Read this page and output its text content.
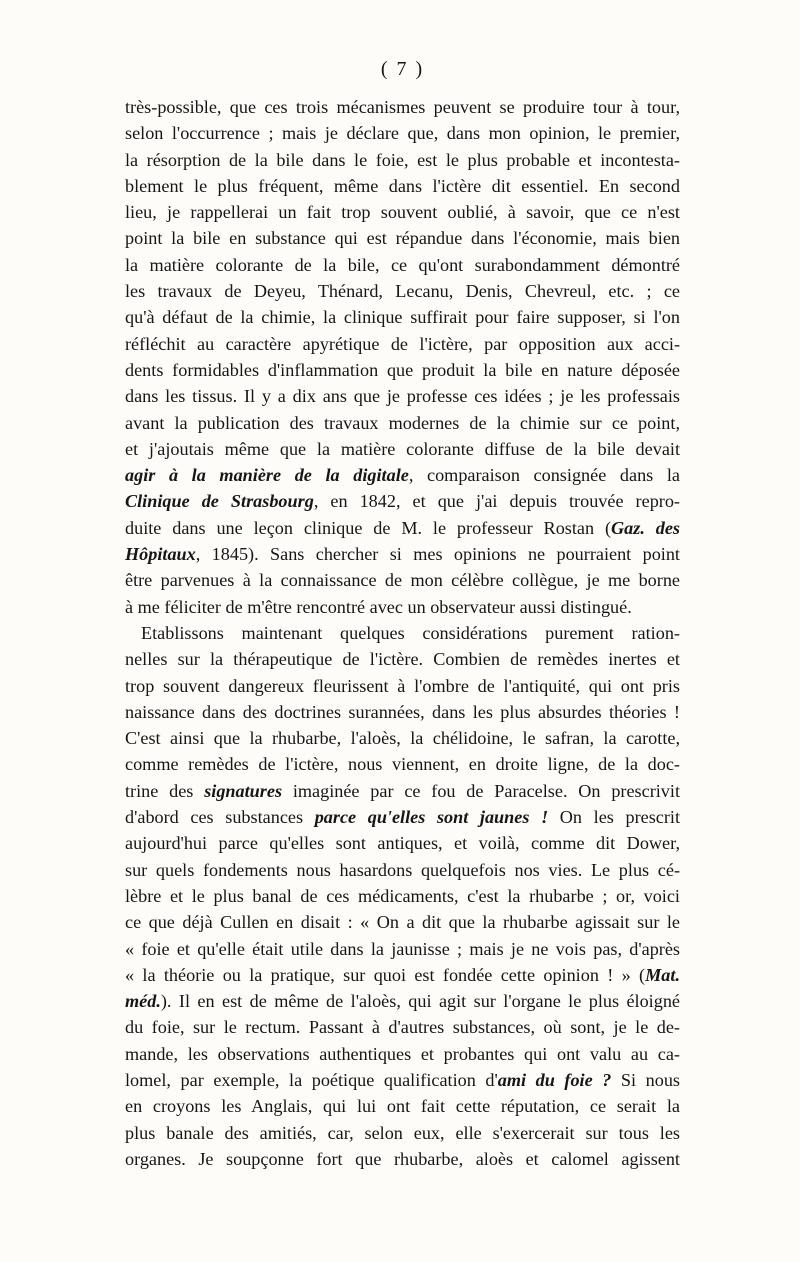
( 7 )
très-possible, que ces trois mécanismes peuvent se produire tour à tour,
selon l'occurrence ; mais je déclare que, dans mon opinion, le premier,
la résorption de la bile dans le foie, est le plus probable et incontesta-
blement le plus fréquent, même dans l'ictère dit essentiel. En second
lieu, je rappellerai un fait trop souvent oublié, à savoir, que ce n'est
point la bile en substance qui est répandue dans l'économie, mais bien
la matière colorante de la bile, ce qu'ont surabondamment démontré
les travaux de Deyeu, Thénard, Lecanu, Denis, Chevreul, etc. ; ce
qu'à défaut de la chimie, la clinique suffirait pour faire supposer, si l'on
réfléchit au caractère apyrétique de l'ictère, par opposition aux acci-
dents formidables d'inflammation que produit la bile en nature déposée
dans les tissus. Il y a dix ans que je professe ces idées ; je les professais
avant la publication des travaux modernes de la chimie sur ce point,
et j'ajoutais même que la matière colorante diffuse de la bile devait
agir à la manière de la digitale, comparaison consignée dans la
Clinique de Strasbourg, en 1842, et que j'ai depuis trouvée repro-
duite dans une leçon clinique de M. le professeur Rostan (Gaz. des
Hôpitaux, 1845). Sans chercher si mes opinions ne pourraient point
être parvenues à la connaissance de mon célèbre collègue, je me borne
à me féliciter de m'être rencontré avec un observateur aussi distingué.
Etablissons maintenant quelques considérations purement ration-
nelles sur la thérapeutique de l'ictère. Combien de remèdes inertes et
trop souvent dangereux fleurissent à l'ombre de l'antiquité, qui ont pris
naissance dans des doctrines surannées, dans les plus absurdes théories !
C'est ainsi que la rhubarbe, l'aloès, la chélidoine, le safran, la carotte,
comme remèdes de l'ictère, nous viennent, en droite ligne, de la doc-
trine des signatures imaginée par ce fou de Paracelse. On prescrivit
d'abord ces substances parce qu'elles sont jaunes ! On les prescrit
aujourd'hui parce qu'elles sont antiques, et voilà, comme dit Dower,
sur quels fondements nous hasardons quelquefois nos vies. Le plus cé-
lèbre et le plus banal de ces médicaments, c'est la rhubarbe ; or, voici
ce que déjà Cullen en disait : « On a dit que la rhubarbe agissait sur le
« foie et qu'elle était utile dans la jaunisse ; mais je ne vois pas, d'après
« la théorie ou la pratique, sur quoi est fondée cette opinion ! » (Mat.
méd.). Il en est de même de l'aloès, qui agit sur l'organe le plus éloigné
du foie, sur le rectum. Passant à d'autres substances, où sont, je le de-
mande, les observations authentiques et probantes qui ont valu au ca-
lomel, par exemple, la poétique qualification d'ami du foie ? Si nous
en croyons les Anglais, qui lui ont fait cette réputation, ce serait la
plus banale des amitiés, car, selon eux, elle s'exercerait sur tous les
organes. Je soupçonne fort que rhubarbe, aloès et calomel agissent
